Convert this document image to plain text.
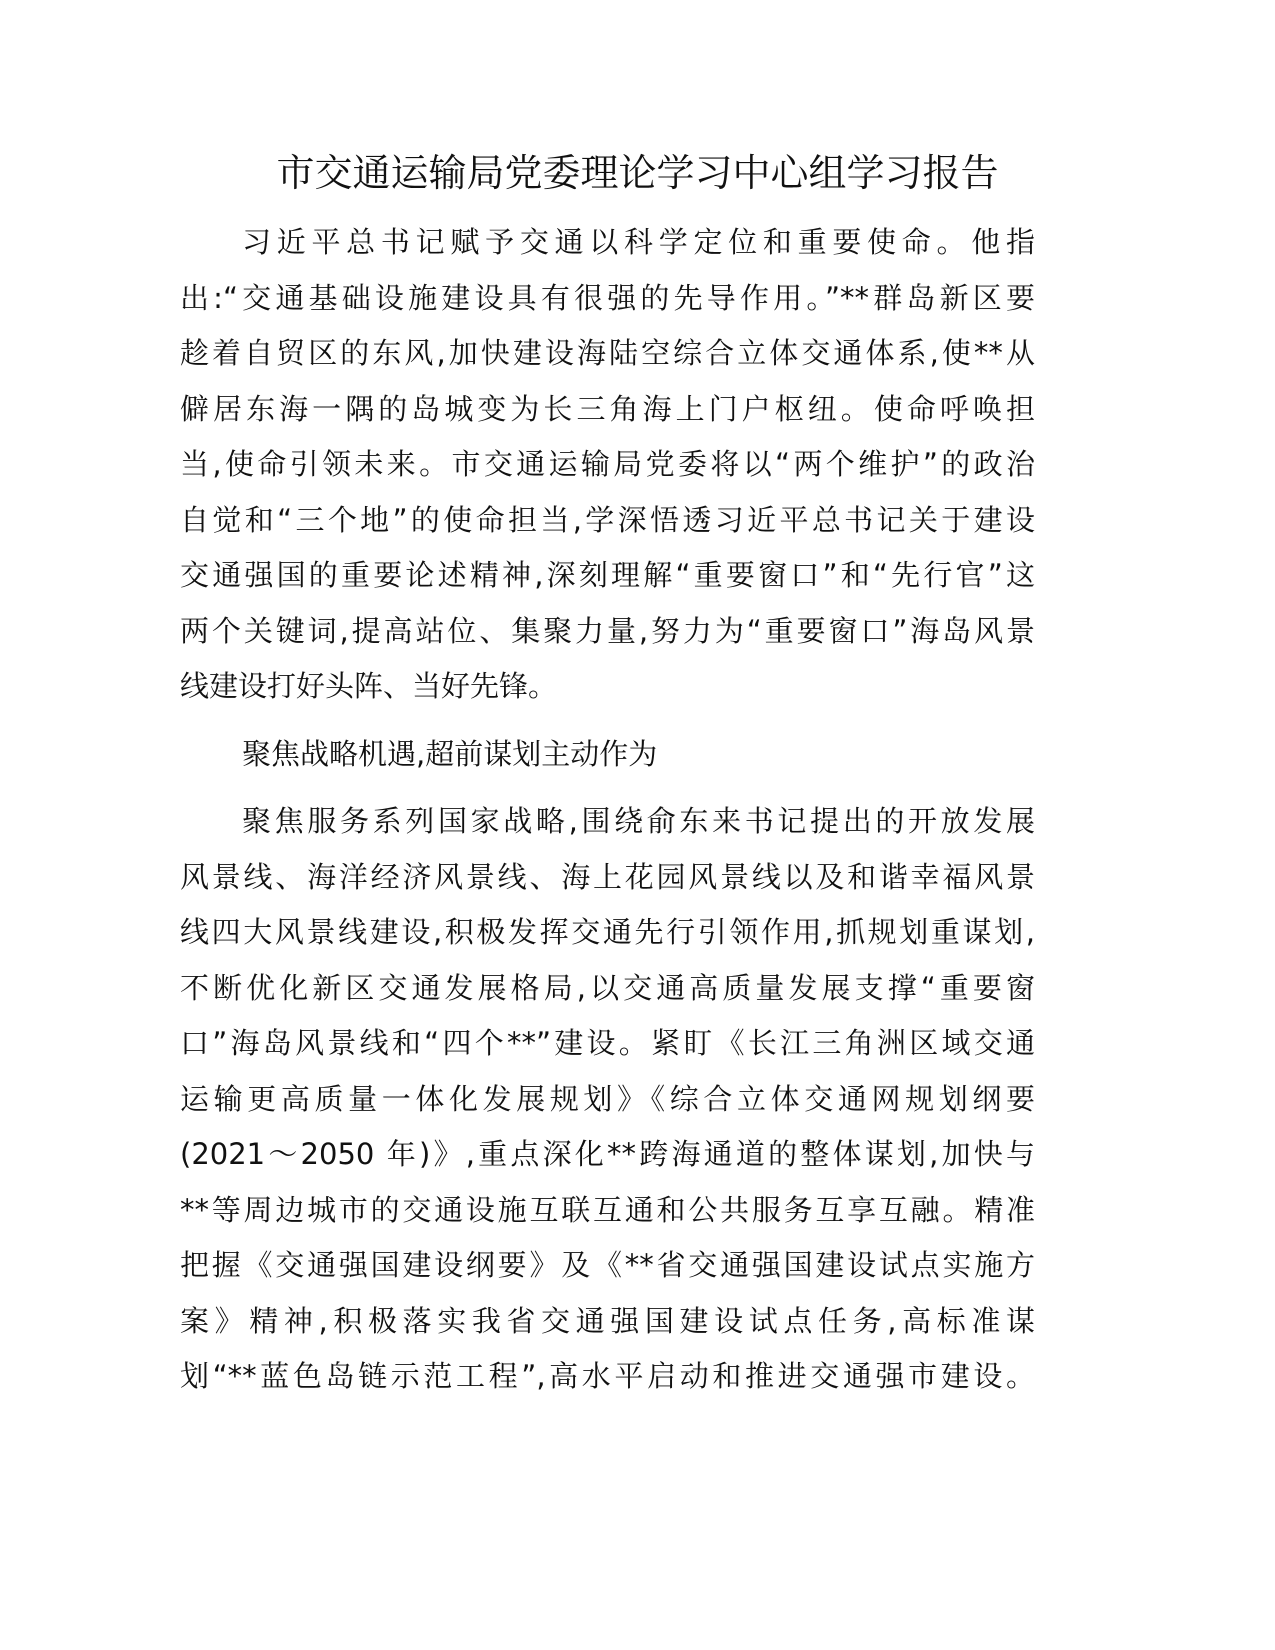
市交通运输局党委理论学习中心组学习报告
习近平总书记赋予交通以科学定位和重要使命。他指
出:“交通基础设施建设具有很强的先导作用。”**群岛新区要
趁着自贸区的东风,加快建设海陆空综合立体交通体系,使**从
僻居东海一隅的岛城变为长三角海上门户枢纽。使命呼唤担
当,使命引领未来。市交通运输局党委将以“两个维护”的政治
自觉和“三个地”的使命担当,学深悟透习近平总书记关于建设
交通强国的重要论述精神,深刻理解“重要窗口”和“先行官”这
两个关键词,提高站位、集聚力量,努力为“重要窗口”海岛风景
线建设打好头阵、当好先锋。
聚焦战略机遇,超前谋划主动作为
聚焦服务系列国家战略,围绕俞东来书记提出的开放发展
风景线、海洋经济风景线、海上花园风景线以及和谐幸福风景
线四大风景线建设,积极发挥交通先行引领作用,抓规划重谋划,
不断优化新区交通发展格局,以交通高质量发展支撑“重要窗
口”海岛风景线和“四个**”建设。紧盯《长江三角洲区域交通
运输更高质量一体化发展规划》《综合立体交通网规划纲要
(2021～2050 年)》,重点深化**跨海通道的整体谋划,加快与
**等周边城市的交通设施互联互通和公共服务互享互融。精准
把握《交通强国建设纲要》及《**省交通强国建设试点实施方
案》精神,积极落实我省交通强国建设试点任务,高标准谋
划“**蓝色岛链示范工程”,高水平启动和推进交通强市建设。
